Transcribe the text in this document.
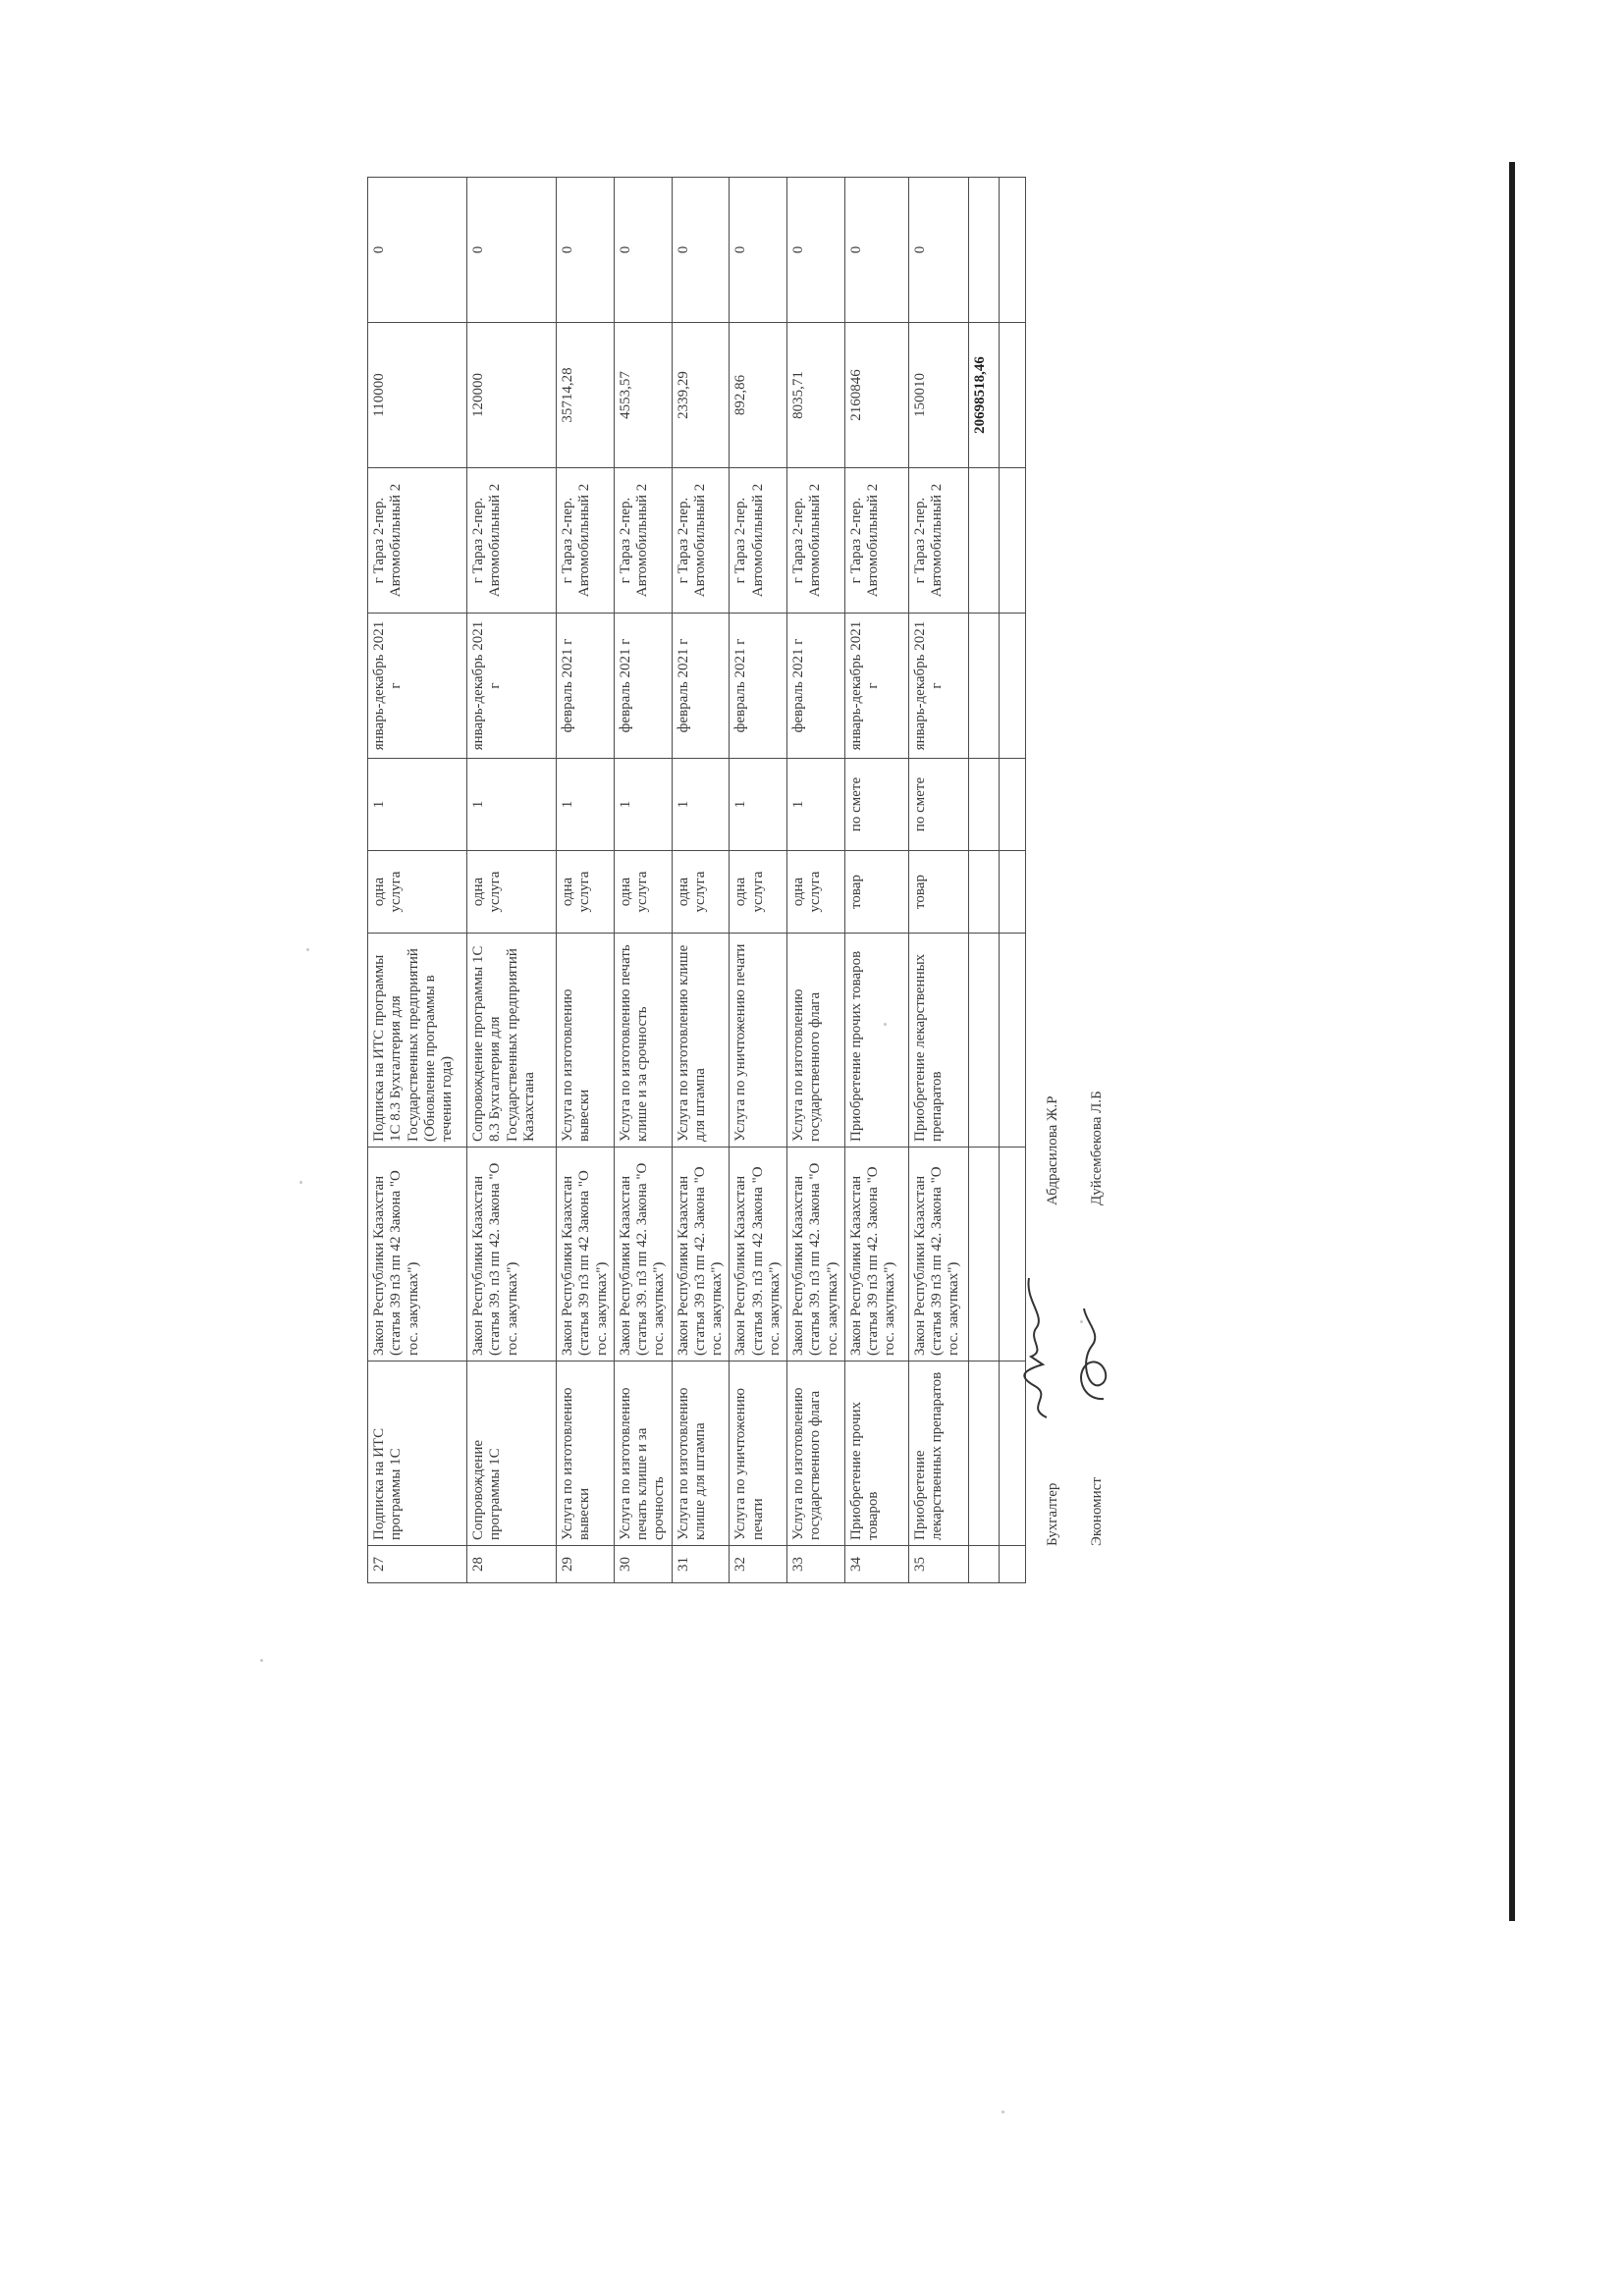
27	Подписка на ИТС программы 1С	Закон Республики Казахстан (статья 39 п3 пп 42 Закона "О гос. закупках")	Подписка на ИТС программы 1С 8.3 Бухгалтерия для Государственных предприятий (Обновление программы в течении года)	одна услуга	1	январь-декабрь 2021 г	г Тараз 2-пер. Автомобильный 2	110000	0
28	Сопровождение программы 1С	Закон Республики Казахстан (статья 39. п3 пп 42. Закона "О гос. закупках")	Сопровождение программы 1С 8.3 Бухгалтерия для Государственных предприятий Казахстана	одна услуга	1	январь-декабрь 2021 г	г Тараз 2-пер. Автомобильный 2	120000	0
29	Услуга по изготовлению вывески	Закон Республики Казахстан (статья 39 п3 пп 42 Закона "О гос. закупках")	Услуга по изготовлению вывески	одна услуга	1	февраль 2021 г	г Тараз 2-пер. Автомобильный 2	35714,28	0
30	Услуга по изготовлению печать клише и за срочность	Закон Республики Казахстан (статья 39. п3 пп 42. Закона "О гос. закупках")	Услуга по изготовлению печать клише и за срочность	одна услуга	1	февраль 2021 г	г Тараз 2-пер. Автомобильный 2	4553,57	0
31	Услуга по изготовлению клише для штампа	Закон Республики Казахстан (статья 39 п3 пп 42. Закона "О гос. закупках")	Услуга по изготовлению клише для штампа	одна услуга	1	февраль 2021 г	г Тараз 2-пер. Автомобильный 2	2339,29	0
32	Услуга по уничтожению печати	Закон Республики Казахстан (статья 39. п3 пп 42 Закона "О гос. закупках")	Услуга по уничтожению печати	одна услуга	1	февраль 2021 г	г Тараз 2-пер. Автомобильный 2	892,86	0
33	Услуга по изготовлению государственного флага	Закон Республики Казахстан (статья 39. п3 пп 42. Закона "О гос. закупках")	Услуга по изготовлению государственного флага	одна услуга	1	февраль 2021 г	г Тараз 2-пер. Автомобильный 2	8035,71	0
34	Приобретение прочих товаров	Закон Республики Казахстан (статья 39 п3 пп 42. Закона "О гос. закупках")	Приобретение прочих товаров	товар	по смете	январь-декабрь 2021 г	г Тараз 2-пер. Автомобильный 2	2160846	0
35	Приобретение лекарственных препаратов	Закон Республики Казахстан (статья 39 п3 пп 42. Закона "О гос. закупках")	Приобретение лекарственных препаратов	товар	по смете	январь-декабрь 2021 г	г Тараз 2-пер. Автомобильный 2	150010	0
								20698518,46	

Бухгалтер
Абдрасилова Ж.Р
Экономист
Дуйсембекова Л.Б
